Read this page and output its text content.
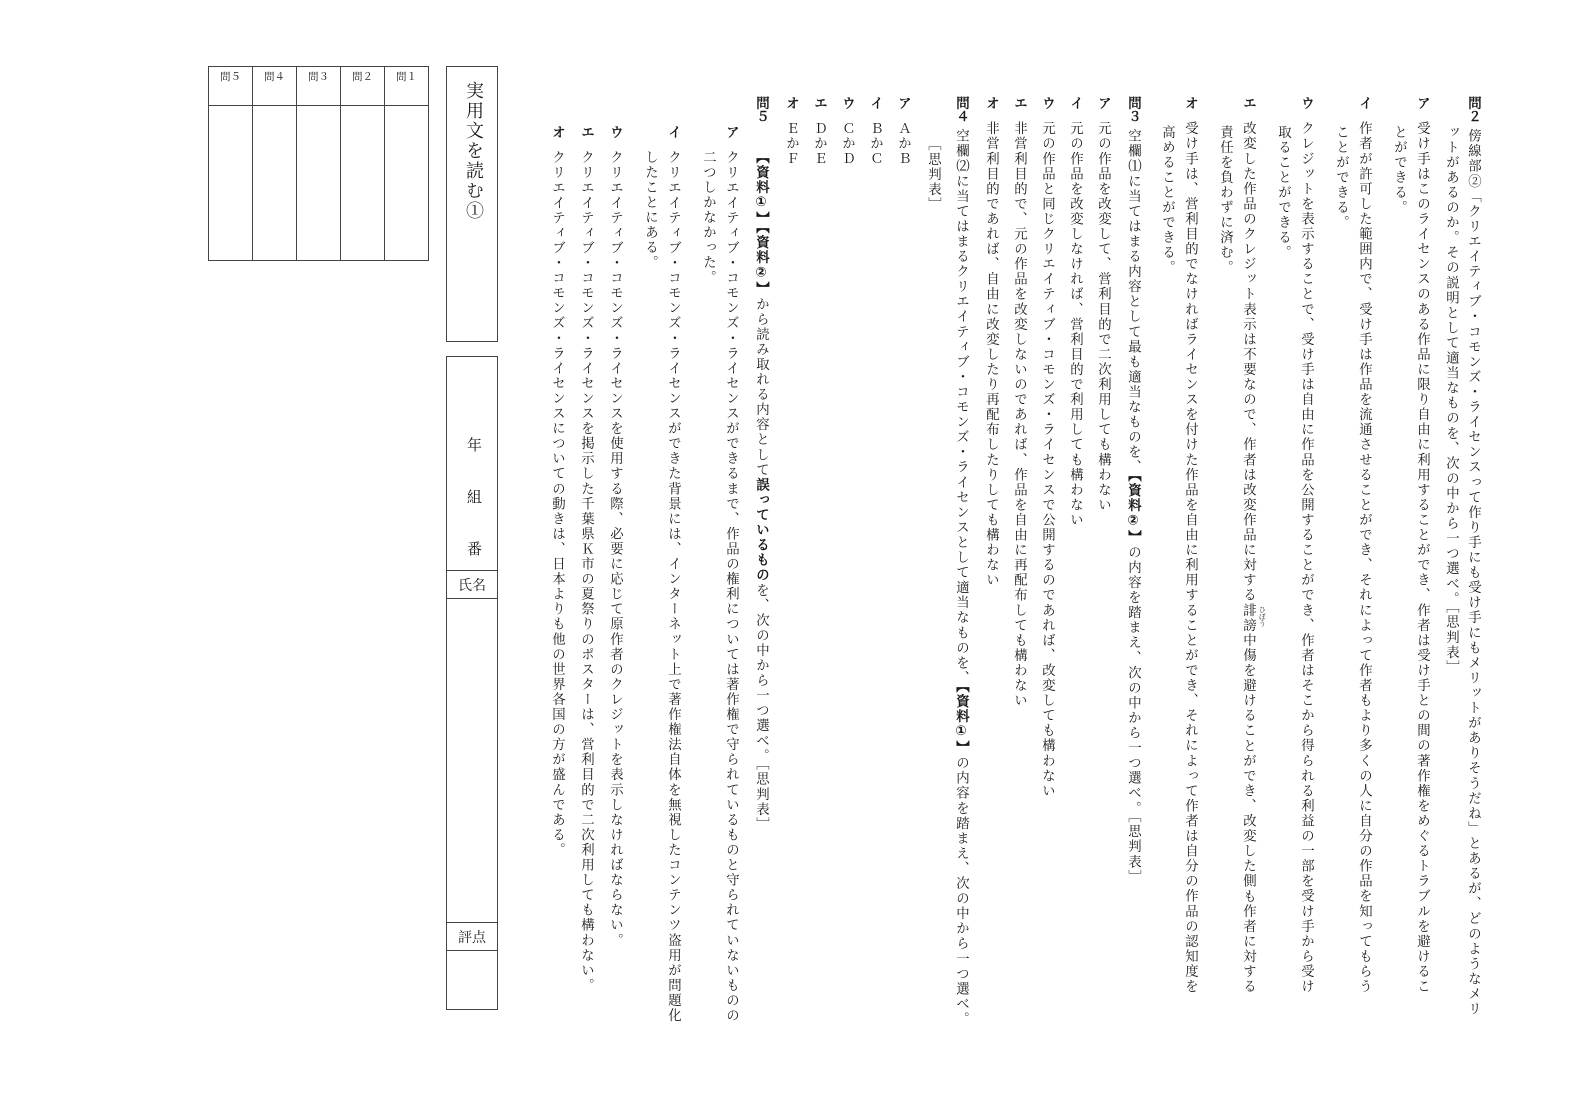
問２傍線部②「クリエイティブ・コモンズ・ライセンスって作り手にも受け手にもメリットがありそうだね」とあるが、どのようなメリ
ットがあるのか。その説明として適当なものを、次の中から一つ選べ。［思判表］
ア受け手はこのライセンスのある作品に限り自由に利用することができ、作者は受け手との間の著作権をめぐるトラブルを避けるこ
とができる。
イ作者が許可した範囲内で、受け手は作品を流通させることができ、それによって作者もより多くの人に自分の作品を知ってもらう
ことができる。
ウクレジットを表示することで、受け手は自由に作品を公開することができ、作者はそこから得られる利益の一部を受け手から受け
取ることができる。
エ改変した作品のクレジット表示は不要なので、作者は改変作品に対する誹謗 ひぼう
中傷を避けることができ、改変した側も作者に対する
責任を負わずに済む。
オ受け手は、営利目的でなければライセンスを付けた作品を自由に利用することができ、それによって作者は自分の作品の認知度を
高めることができる。
問３空欄⑴に当てはまる内容として最も適当なものを、【資料②】の内容を踏まえ、次の中から一つ選べ。［思判表］
ア元の作品を改変して、営利目的で二次利用しても構わない
イ元の作品を改変しなければ、営利目的で利用しても構わない
ウ元の作品と同じクリエイティブ・コモンズ・ライセンスで公開するのであれば、改変しても構わない
エ非営利目的で、元の作品を改変しないのであれば、作品を自由に再配布しても構わない
オ非営利目的であれば、自由に改変したり再配布したりしても構わない
問４空欄⑵に当てはまるクリエイティブ・コモンズ・ライセンスとして適当なものを、【資料①】の内容を踏まえ、次の中から一つ選べ。
［思判表］
アＡかＢ
イＢかＣ
ウＣかＤ
エＤかＥ
オＥかＦ
問５
【資料①】【資料②】から読み取れる内容として誤っているものを、次の中から一つ選べ。［思判表］
アクリエイティブ・コモンズ・ライセンスができるまで、作品の権利については著作権で守られているものと守られていないものの
二つしかなかった。
イクリエイティブ・コモンズ・ライセンスができた背景には、インターネット上で著作権法自体を無視したコンテンツ盗用が問題化
したことにある。
ウクリエイティブ・コモンズ・ライセンスを使用する際、必要に応じて原作者のクレジットを表示しなければならない。
エクリエイティブ・コモンズ・ライセンスを掲示した千葉県Ｋ市の夏祭りのポスターは、営利目的で二次利用しても構わない。
オクリエイティブ・コモンズ・ライセンスについての動きは、日本よりも他の世界各国の方が盛んである。
実用文を読む①
年
組
番
氏名
評点
問５	問４	問３	問２	問１
